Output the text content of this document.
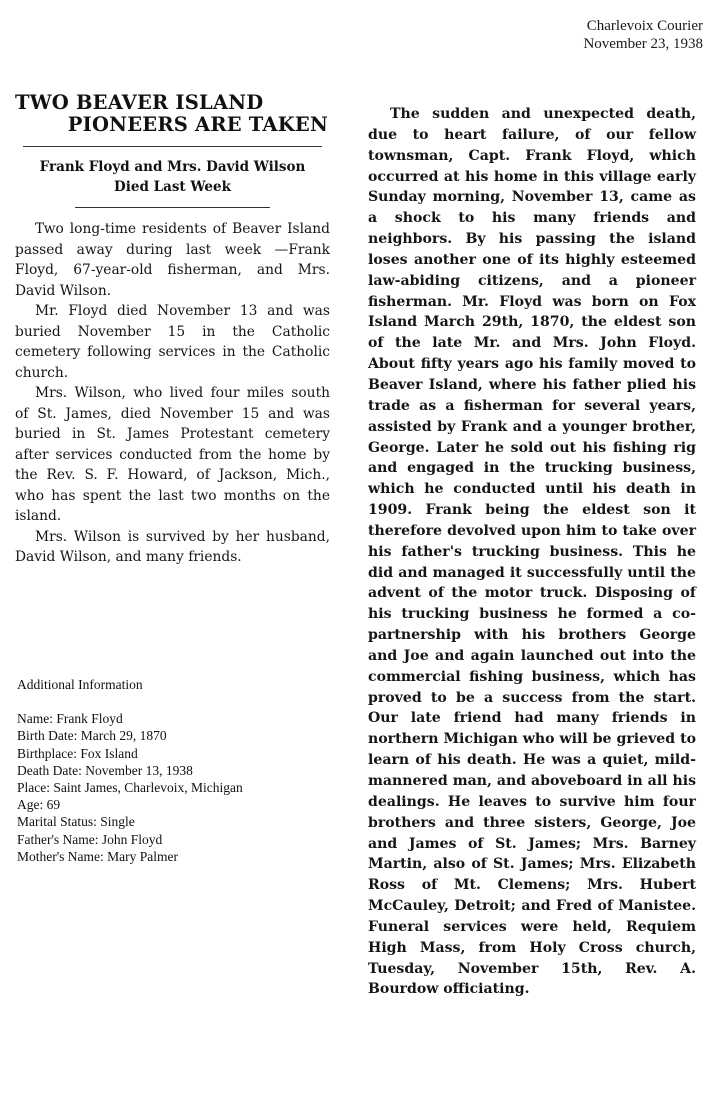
Charlevoix Courier
November 23, 1938
TWO BEAVER ISLAND
PIONEERS ARE TAKEN
Frank Floyd and Mrs. David Wilson
Died Last Week

Two long-time residents of Beaver Island passed away during last week —Frank Floyd, 67-year-old fisherman, and Mrs. David Wilson.

Mr. Floyd died November 13 and was buried November 15 in the Catholic cemetery following services in the Catholic church.

Mrs. Wilson, who lived four miles south of St. James, died November 15 and was buried in St. James Protestant cemetery after services conducted from the home by the Rev. S. F. Howard, of Jackson, Mich., who has spent the last two months on the island.

Mrs. Wilson is survived by her husband, David Wilson, and many friends.

Additional Information
Name: Frank Floyd
Birth Date: March 29, 1870
Birthplace: Fox Island
Death Date: November 13, 1938
Place: Saint James, Charlevoix, Michigan
Age: 69
Marital Status: Single
Father's Name: John Floyd
Mother's Name: Mary Palmer

The sudden and unexpected death, due to heart failure, of our fellow townsman, Capt. Frank Floyd, which occurred at his home in this village early Sunday morning, November 13, came as a shock to his many friends and neighbors. By his passing the island loses another one of its highly esteemed law-abiding citizens, and a pioneer fisherman. Mr. Floyd was born on Fox Island March 29th, 1870, the eldest son of the late Mr. and Mrs. John Floyd. About fifty years ago his family moved to Beaver Island, where his father plied his trade as a fisherman for several years, assisted by Frank and a younger brother, George. Later he sold out his fishing rig and engaged in the trucking business, which he conducted until his death in 1909. Frank being the eldest son it therefore devolved upon him to take over his father's trucking business. This he did and managed it successfully until the advent of the motor truck. Disposing of his trucking business he formed a co-partnership with his brothers George and Joe and again launched out into the commercial fishing business, which has proved to be a success from the start. Our late friend had many friends in northern Michigan who will be grieved to learn of his death. He was a quiet, mild-mannered man, and aboveboard in all his dealings. He leaves to survive him four brothers and three sisters, George, Joe and James of St. James; Mrs. Barney Martin, also of St. James; Mrs. Elizabeth Ross of Mt. Clemens; Mrs. Hubert McCauley, Detroit; and Fred of Manistee. Funeral services were held, Requiem High Mass, from Holy Cross church, Tuesday, November 15th, Rev. A. Bourdow officiating.
